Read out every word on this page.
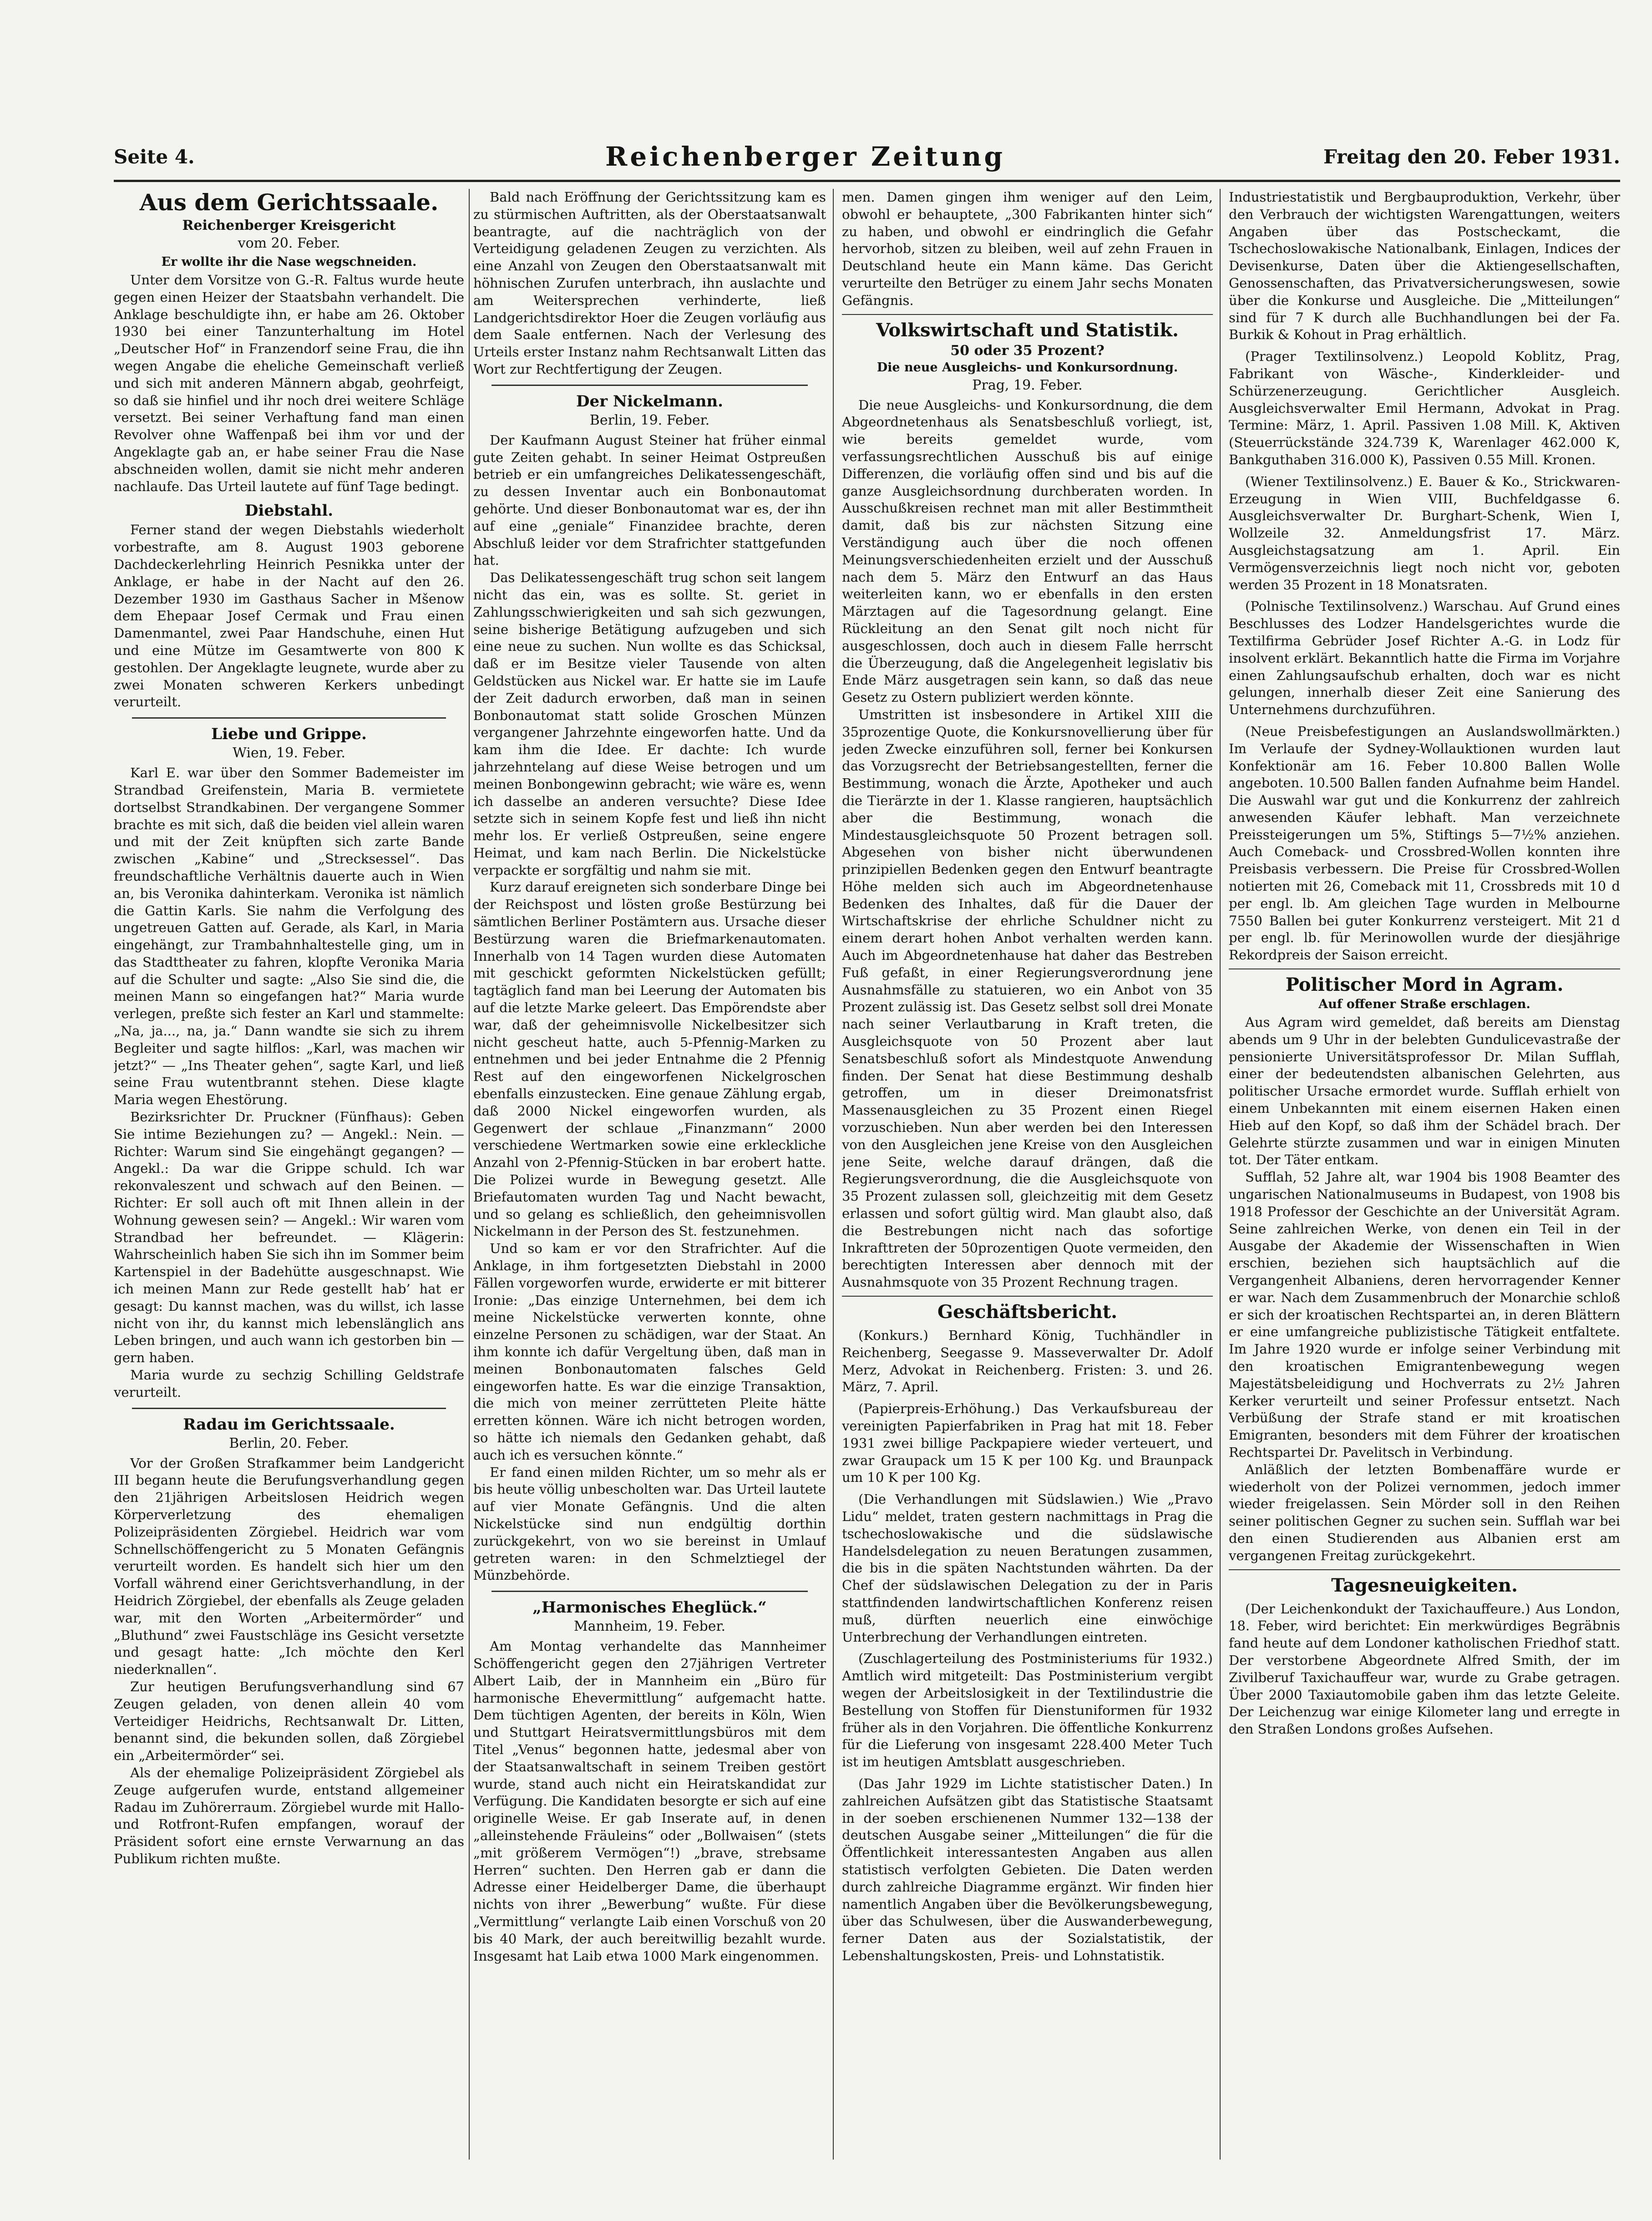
Seite 4.	Reichenberger Zeitung	Freitag den 20. Feber 1931.
Aus dem Gerichtssaale.
Reichenberger Kreisgericht
vom 20. Feber.
Er wollte ihr die Nase wegschneiden.

Unter dem Vorsitze von G.-R. Faltus wurde heute gegen einen Heizer der Staatsbahn verhandelt. Die Anklage beschuldigte ihn, er habe am 26. Oktober 1930 bei einer Tanzunterhaltung im Hotel „Deutscher Hof“ in Franzendorf seine Frau, die ihn wegen Angabe die eheliche Gemeinschaft verließ und sich mit anderen Männern abgab, geohrfeigt, so daß sie hinfiel und ihr noch drei weitere Schläge versetzt. Bei seiner Verhaftung fand man einen Revolver ohne Waffenpaß bei ihm vor und der Angeklagte gab an, er habe seiner Frau die Nase abschneiden wollen, damit sie nicht mehr anderen nachlaufe. Das Urteil lautete auf fünf Tage bedingt.

Diebstahl.

Ferner stand der wegen Diebstahls wiederholt vorbestrafte, am 8. August 1903 geborene Dachdeckerlehrling Heinrich Pesnikka unter der Anklage, er habe in der Nacht auf den 26. Dezember 1930 im Gasthaus Sacher in Mšenow dem Ehepaar Josef Cermak und Frau einen Damenmantel, zwei Paar Handschuhe, einen Hut und eine Mütze im Gesamtwerte von 800 K gestohlen. Der Angeklagte leugnete, wurde aber zu zwei Monaten schweren Kerkers unbedingt verurteilt.

Liebe und Grippe.
Wien, 19. Feber.

Karl E. war über den Sommer Bademeister im Strandbad Greifenstein, Maria B. vermietete dortselbst Strandkabinen. Der vergangene Sommer brachte es mit sich, daß die beiden viel allein waren und mit der Zeit knüpften sich zarte Bande zwischen „Kabine“ und „Strecksessel“. Das freundschaftliche Verhältnis dauerte auch in Wien an, bis Veronika dahinterkam. Veronika ist nämlich die Gattin Karls. Sie nahm die Verfolgung des ungetreuen Gatten auf. Gerade, als Karl, in Maria eingehängt, zur Trambahnhaltestelle ging, um in das Stadttheater zu fahren, klopfte Veronika Maria auf die Schulter und sagte: „Also Sie sind die, die meinen Mann so eingefangen hat?“ Maria wurde verlegen, preßte sich fester an Karl und stammelte: „Na, ja..., na, ja.“ Dann wandte sie sich zu ihrem Begleiter und sagte hilflos: „Karl, was machen wir jetzt?“ — „Ins Theater gehen“, sagte Karl, und ließ seine Frau wutentbrannt stehen. Diese klagte Maria wegen Ehestörung.

Bezirksrichter Dr. Pruckner (Fünfhaus): Geben Sie intime Beziehungen zu? — Angekl.: Nein. — Richter: Warum sind Sie eingehängt gegangen? — Angekl.: Da war die Grippe schuld. Ich war rekonvaleszent und schwach auf den Beinen. — Richter: Er soll auch oft mit Ihnen allein in der Wohnung gewesen sein? — Angekl.: Wir waren vom Strandbad her befreundet. — Klägerin: Wahrscheinlich haben Sie sich ihn im Sommer beim Kartenspiel in der Badehütte ausgeschnapst. Wie ich meinen Mann zur Rede gestellt hab’ hat er gesagt: Du kannst machen, was du willst, ich lasse nicht von ihr, du kannst mich lebenslänglich ans Leben bringen, und auch wann ich gestorben bin — gern haben.

Maria wurde zu sechzig Schilling Geldstrafe verurteilt.

Radau im Gerichtssaale.
Berlin, 20. Feber.

Vor der Großen Strafkammer beim Landgericht III begann heute die Berufungsverhandlung gegen den 21jährigen Arbeitslosen Heidrich wegen Körperverletzung des ehemaligen Polizeipräsidenten Zörgiebel. Heidrich war vom Schnellschöffengericht zu 5 Monaten Gefängnis verurteilt worden. Es handelt sich hier um den Vorfall während einer Gerichtsverhandlung, in der Heidrich Zörgiebel, der ebenfalls als Zeuge geladen war, mit den Worten „Arbeitermörder“ und „Bluthund“ zwei Faustschläge ins Gesicht versetzte und gesagt hatte: „Ich möchte den Kerl niederknallen“.

Zur heutigen Berufungsverhandlung sind 67 Zeugen geladen, von denen allein 40 vom Verteidiger Heidrichs, Rechtsanwalt Dr. Litten, benannt sind, die bekunden sollen, daß Zörgiebel ein „Arbeitermörder“ sei.

Als der ehemalige Polizeipräsident Zörgiebel als Zeuge aufgerufen wurde, entstand allgemeiner Radau im Zuhörerraum. Zörgiebel wurde mit Hallo- und Rotfront-Rufen empfangen, worauf der Präsident sofort eine ernste Verwarnung an das Publikum richten mußte.

Bald nach Eröffnung der Gerichtssitzung kam es zu stürmischen Auftritten, als der Oberstaatsanwalt beantragte, auf die nachträglich von der Verteidigung geladenen Zeugen zu verzichten. Als eine Anzahl von Zeugen den Oberstaatsanwalt mit höhnischen Zurufen unterbrach, ihn auslachte und am Weitersprechen verhinderte, ließ Landgerichtsdirektor Hoer die Zeugen vorläufig aus dem Saale entfernen. Nach der Verlesung des Urteils erster Instanz nahm Rechtsanwalt Litten das Wort zur Rechtfertigung der Zeugen.

Der Nickelmann.
Berlin, 19. Feber.

Der Kaufmann August Steiner hat früher einmal gute Zeiten gehabt. In seiner Heimat Ostpreußen betrieb er ein umfangreiches Delikatessengeschäft, zu dessen Inventar auch ein Bonbonautomat gehörte. Und dieser Bonbonautomat war es, der ihn auf eine „geniale“ Finanzidee brachte, deren Abschluß leider vor dem Strafrichter stattgefunden hat.

Das Delikatessengeschäft trug schon seit langem nicht das ein, was es sollte. St. geriet in Zahlungsschwierigkeiten und sah sich gezwungen, seine bisherige Betätigung aufzugeben und sich eine neue zu suchen. Nun wollte es das Schicksal, daß er im Besitze vieler Tausende von alten Geldstücken aus Nickel war. Er hatte sie im Laufe der Zeit dadurch erworben, daß man in seinen Bonbonautomat statt solide Groschen Münzen vergangener Jahrzehnte eingeworfen hatte. Und da kam ihm die Idee. Er dachte: Ich wurde jahrzehntelang auf diese Weise betrogen und um meinen Bonbongewinn gebracht; wie wäre es, wenn ich dasselbe an anderen versuchte? Diese Idee setzte sich in seinem Kopfe fest und ließ ihn nicht mehr los. Er verließ Ostpreußen, seine engere Heimat, und kam nach Berlin. Die Nickelstücke verpackte er sorgfältig und nahm sie mit.

Kurz darauf ereigneten sich sonderbare Dinge bei der Reichspost und lösten große Bestürzung bei sämtlichen Berliner Postämtern aus. Ursache dieser Bestürzung waren die Briefmarkenautomaten. Innerhalb von 14 Tagen wurden diese Automaten mit geschickt geformten Nickelstücken gefüllt; tagtäglich fand man bei Leerung der Automaten bis auf die letzte Marke geleert. Das Empörendste aber war, daß der geheimnisvolle Nickelbesitzer sich nicht gescheut hatte, auch 5-Pfennig-Marken zu entnehmen und bei jeder Entnahme die 2 Pfennig Rest auf den eingeworfenen Nickelgroschen ebenfalls einzustecken. Eine genaue Zählung ergab, daß 2000 Nickel eingeworfen wurden, als Gegenwert der schlaue „Finanzmann“ 2000 verschiedene Wertmarken sowie eine erkleckliche Anzahl von 2-Pfennig-Stücken in bar erobert hatte. Die Polizei wurde in Bewegung gesetzt. Alle Briefautomaten wurden Tag und Nacht bewacht, und so gelang es schließlich, den geheimnisvollen Nickelmann in der Person des St. festzunehmen.

Und so kam er vor den Strafrichter. Auf die Anklage, in ihm fortgesetzten Diebstahl in 2000 Fällen vorgeworfen wurde, erwiderte er mit bitterer Ironie: „Das einzige Unternehmen, bei dem ich meine Nickelstücke verwerten konnte, ohne einzelne Personen zu schädigen, war der Staat. An ihm konnte ich dafür Vergeltung üben, daß man in meinen Bonbonautomaten falsches Geld eingeworfen hatte. Es war die einzige Transaktion, die mich von meiner zerrütteten Pleite hätte erretten können. Wäre ich nicht betrogen worden, so hätte ich niemals den Gedanken gehabt, daß auch ich es versuchen könnte.“

Er fand einen milden Richter, um so mehr als er bis heute völlig unbescholten war. Das Urteil lautete auf vier Monate Gefängnis. Und die alten Nickelstücke sind nun endgültig dorthin zurückgekehrt, von wo sie bereinst in Umlauf getreten waren: in den Schmelztiegel der Münzbehörde.

„Harmonisches Eheglück.“
Mannheim, 19. Feber.

Am Montag verhandelte das Mannheimer Schöffengericht gegen den 27jährigen Vertreter Albert Laib, der in Mannheim ein „Büro für harmonische Ehevermittlung“ aufgemacht hatte. Dem tüchtigen Agenten, der bereits in Köln, Wien und Stuttgart Heiratsvermittlungsbüros mit dem Titel „Venus“ begonnen hatte, jedesmal aber von der Staatsanwaltschaft in seinem Treiben gestört wurde, stand auch nicht ein Heiratskandidat zur Verfügung. Die Kandidaten besorgte er sich auf eine originelle Weise. Er gab Inserate auf, in denen „alleinstehende Fräuleins“ oder „Bollwaisen“ (stets „mit größerem Vermögen“!) „brave, strebsame Herren“ suchten. Den Herren gab er dann die Adresse einer Heidelberger Dame, die überhaupt nichts von ihrer „Bewerbung“ wußte. Für diese „Vermittlung“ verlangte Laib einen Vorschuß von 20 bis 40 Mark, der auch bereitwillig bezahlt wurde. Insgesamt hat Laib etwa 1000 Mark eingenommen.

men. Damen gingen ihm weniger auf den Leim, obwohl er behauptete, „300 Fabrikanten hinter sich“ zu haben, und obwohl er eindringlich die Gefahr hervorhob, sitzen zu bleiben, weil auf zehn Frauen in Deutschland heute ein Mann käme. Das Gericht verurteilte den Betrüger zu einem Jahr sechs Monaten Gefängnis.

Volkswirtschaft und Statistik.
50 oder 35 Prozent?
Die neue Ausgleichs- und Konkursordnung.
Prag, 19. Feber.

Die neue Ausgleichs- und Konkursordnung, die dem Abgeordnetenhaus als Senatsbeschluß vorliegt, ist, wie bereits gemeldet wurde, vom verfassungsrechtlichen Ausschuß bis auf einige Differenzen, die vorläufig offen sind und bis auf die ganze Ausgleichsordnung durchberaten worden. In Ausschußkreisen rechnet man mit aller Bestimmtheit damit, daß bis zur nächsten Sitzung eine Verständigung auch über die noch offenen Meinungsverschiedenheiten erzielt und der Ausschuß nach dem 5. März den Entwurf an das Haus weiterleiten kann, wo er ebenfalls in den ersten Märztagen auf die Tagesordnung gelangt. Eine Rückleitung an den Senat gilt noch nicht für ausgeschlossen, doch auch in diesem Falle herrscht die Überzeugung, daß die Angelegenheit legislativ bis Ende März ausgetragen sein kann, so daß das neue Gesetz zu Ostern publiziert werden könnte.

Umstritten ist insbesondere in Artikel XIII die 35prozentige Quote, die Konkursnovellierung über für jeden Zwecke einzuführen soll, ferner bei Konkursen das Vorzugsrecht der Betriebsangestellten, ferner die Bestimmung, wonach die Ärzte, Apotheker und auch die Tierärzte in der 1. Klasse rangieren, hauptsächlich aber die Bestimmung, wonach die Mindestausgleichsquote 50 Prozent betragen soll. Abgesehen von bisher nicht überwundenen prinzipiellen Bedenken gegen den Entwurf beantragte Höhe melden sich auch im Abgeordnetenhause Bedenken des Inhaltes, daß für die Dauer der Wirtschaftskrise der ehrliche Schuldner nicht zu einem derart hohen Anbot verhalten werden kann. Auch im Abgeordnetenhause hat daher das Bestreben Fuß gefaßt, in einer Regierungsverordnung jene Ausnahmsfälle zu statuieren, wo ein Anbot von 35 Prozent zulässig ist. Das Gesetz selbst soll drei Monate nach seiner Verlautbarung in Kraft treten, die Ausgleichsquote von 50 Prozent aber laut Senatsbeschluß sofort als Mindestquote Anwendung finden. Der Senat hat diese Bestimmung deshalb getroffen, um in dieser Dreimonatsfrist Massenausgleichen zu 35 Prozent einen Riegel vorzuschieben. Nun aber werden bei den Interessen von den Ausgleichen jene Kreise von den Ausgleichen jene Seite, welche darauf drängen, daß die Regierungsverordnung, die die Ausgleichsquote von 35 Prozent zulassen soll, gleichzeitig mit dem Gesetz erlassen und sofort gültig wird. Man glaubt also, daß die Bestrebungen nicht nach das sofortige Inkrafttreten der 50prozentigen Quote vermeiden, den berechtigten Interessen aber dennoch mit der Ausnahmsquote von 35 Prozent Rechnung tragen.

Geschäftsbericht.

(Konkurs.) Bernhard König, Tuchhändler in Reichenberg, Seegasse 9. Masseverwalter Dr. Adolf Merz, Advokat in Reichenberg. Fristen: 3. und 26. März, 7. April.

(Papierpreis-Erhöhung.) Das Verkaufsbureau der vereinigten Papierfabriken in Prag hat mit 18. Feber 1931 zwei billige Packpapiere wieder verteuert, und zwar Graupack um 15 K per 100 Kg. und Braunpack um 10 K per 100 Kg.

(Die Verhandlungen mit Südslawien.) Wie „Pravo Lidu“ meldet, traten gestern nachmittags in Prag die tschechoslowakische und die südslawische Handelsdelegation zu neuen Beratungen zusammen, die bis in die späten Nachtstunden währten. Da der Chef der südslawischen Delegation zu der in Paris stattfindenden landwirtschaftlichen Konferenz reisen muß, dürften neuerlich eine einwöchige Unterbrechung der Verhandlungen eintreten.

(Zuschlagerteilung des Postministeriums für 1932.) Amtlich wird mitgeteilt: Das Postministerium vergibt wegen der Arbeitslosigkeit in der Textilindustrie die Bestellung von Stoffen für Dienstuniformen für 1932 früher als in den Vorjahren. Die öffentliche Konkurrenz für die Lieferung von insgesamt 228.400 Meter Tuch ist im heutigen Amtsblatt ausgeschrieben.

(Das Jahr 1929 im Lichte statistischer Daten.) In zahlreichen Aufsätzen gibt das Statistische Staatsamt in der soeben erschienenen Nummer 132—138 der deutschen Ausgabe seiner „Mitteilungen“ die für die Öffentlichkeit interessantesten Angaben aus allen statistisch verfolgten Gebieten. Die Daten werden durch zahlreiche Diagramme ergänzt. Wir finden hier namentlich Angaben über die Bevölkerungsbewegung, über das Schulwesen, über die Auswanderbewegung, ferner Daten aus der Sozialstatistik, der Lebenshaltungskosten, Preis- und Lohnstatistik.

Industriestatistik und Bergbauproduktion, Verkehr, über den Verbrauch der wichtigsten Warengattungen, weiters Angaben über das Postscheckamt, die Tschechoslowakische Nationalbank, Einlagen, Indices der Devisenkurse, Daten über die Aktiengesellschaften, Genossenschaften, das Privatversicherungswesen, sowie über die Konkurse und Ausgleiche. Die „Mitteilungen“ sind für 7 K durch alle Buchhandlungen bei der Fa. Burkik & Kohout in Prag erhältlich.

(Prager Textilinsolvenz.) Leopold Koblitz, Prag, Fabrikant von Wäsche-, Kinderkleider- und Schürzenerzeugung. Gerichtlicher Ausgleich. Ausgleichsverwalter Emil Hermann, Advokat in Prag. Termine: März, 1. April. Passiven 1.08 Mill. K, Aktiven (Steuerrückstände 324.739 K, Warenlager 462.000 K, Bankguthaben 316.000 K), Passiven 0.55 Mill. Kronen.

(Wiener Textilinsolvenz.) E. Bauer & Ko., Strickwaren-Erzeugung in Wien VIII, Buchfeldgasse 6. Ausgleichsverwalter Dr. Burghart-Schenk, Wien I, Wollzeile 32. Anmeldungsfrist 17. März. Ausgleichstagsatzung am 1. April. Ein Vermögensverzeichnis liegt noch nicht vor, geboten werden 35 Prozent in 18 Monatsraten.

(Polnische Textilinsolvenz.) Warschau. Auf Grund eines Beschlusses des Lodzer Handelsgerichtes wurde die Textilfirma Gebrüder Josef Richter A.-G. in Lodz für insolvent erklärt. Bekanntlich hatte die Firma im Vorjahre einen Zahlungsaufschub erhalten, doch war es nicht gelungen, innerhalb dieser Zeit eine Sanierung des Unternehmens durchzuführen.

(Neue Preisbefestigungen an Auslandswollmärkten.) Im Verlaufe der Sydney-Wollauktionen wurden laut Konfektionär am 16. Feber 10.800 Ballen Wolle angeboten. 10.500 Ballen fanden Aufnahme beim Handel. Die Auswahl war gut und die Konkurrenz der zahlreich anwesenden Käufer lebhaft. Man verzeichnete Preissteigerungen um 5%, Stiftings 5—7½% anziehen. Auch Comeback- und Crossbred-Wollen konnten ihre Preisbasis verbessern. Die Preise für Crossbred-Wollen notierten mit 26, Comeback mit 11, Crossbreds mit 10 d per engl. lb. Am gleichen Tage wurden in Melbourne 7550 Ballen bei guter Konkurrenz versteigert. Mit 21 d per engl. lb. für Merinowollen wurde der diesjährige Rekordpreis der Saison erreicht.

Politischer Mord in Agram.
Auf offener Straße erschlagen.

Aus Agram wird gemeldet, daß bereits am Dienstag abends um 9 Uhr in der belebten Gundulicevastraße der pensionierte Universitätsprofessor Dr. Milan Sufflah, einer der bedeutendsten albanischen Gelehrten, aus politischer Ursache ermordet wurde. Sufflah erhielt von einem Unbekannten mit einem eisernen Haken einen Hieb auf den Kopf, so daß ihm der Schädel brach. Der Gelehrte stürzte zusammen und war in einigen Minuten tot. Der Täter entkam.

Sufflah, 52 Jahre alt, war 1904 bis 1908 Beamter des ungarischen Nationalmuseums in Budapest, von 1908 bis 1918 Professor der Geschichte an der Universität Agram. Seine zahlreichen Werke, von denen ein Teil in der Ausgabe der Akademie der Wissenschaften in Wien erschien, beziehen sich hauptsächlich auf die Vergangenheit Albaniens, deren hervorragender Kenner er war. Nach dem Zusammenbruch der Monarchie schloß er sich der kroatischen Rechtspartei an, in deren Blättern er eine umfangreiche publizistische Tätigkeit entfaltete. Im Jahre 1920 wurde er infolge seiner Verbindung mit den kroatischen Emigrantenbewegung wegen Majestätsbeleidigung und Hochverrats zu 2½ Jahren Kerker verurteilt und seiner Professur entsetzt. Nach Verbüßung der Strafe stand er mit kroatischen Emigranten, besonders mit dem Führer der kroatischen Rechtspartei Dr. Pavelitsch in Verbindung.

Anläßlich der letzten Bombenaffäre wurde er wiederholt von der Polizei vernommen, jedoch immer wieder freigelassen. Sein Mörder soll in den Reihen seiner politischen Gegner zu suchen sein. Sufflah war bei den einen Studierenden aus Albanien erst am vergangenen Freitag zurückgekehrt.

Tagesneuigkeiten.

(Der Leichenkondukt der Taxichauffeure.) Aus London, 18. Feber, wird berichtet: Ein merkwürdiges Begräbnis fand heute auf dem Londoner katholischen Friedhof statt. Der verstorbene Abgeordnete Alfred Smith, der im Zivilberuf Taxichauffeur war, wurde zu Grabe getragen. Über 2000 Taxiautomobile gaben ihm das letzte Geleite. Der Leichenzug war einige Kilometer lang und erregte in den Straßen Londons großes Aufsehen.
